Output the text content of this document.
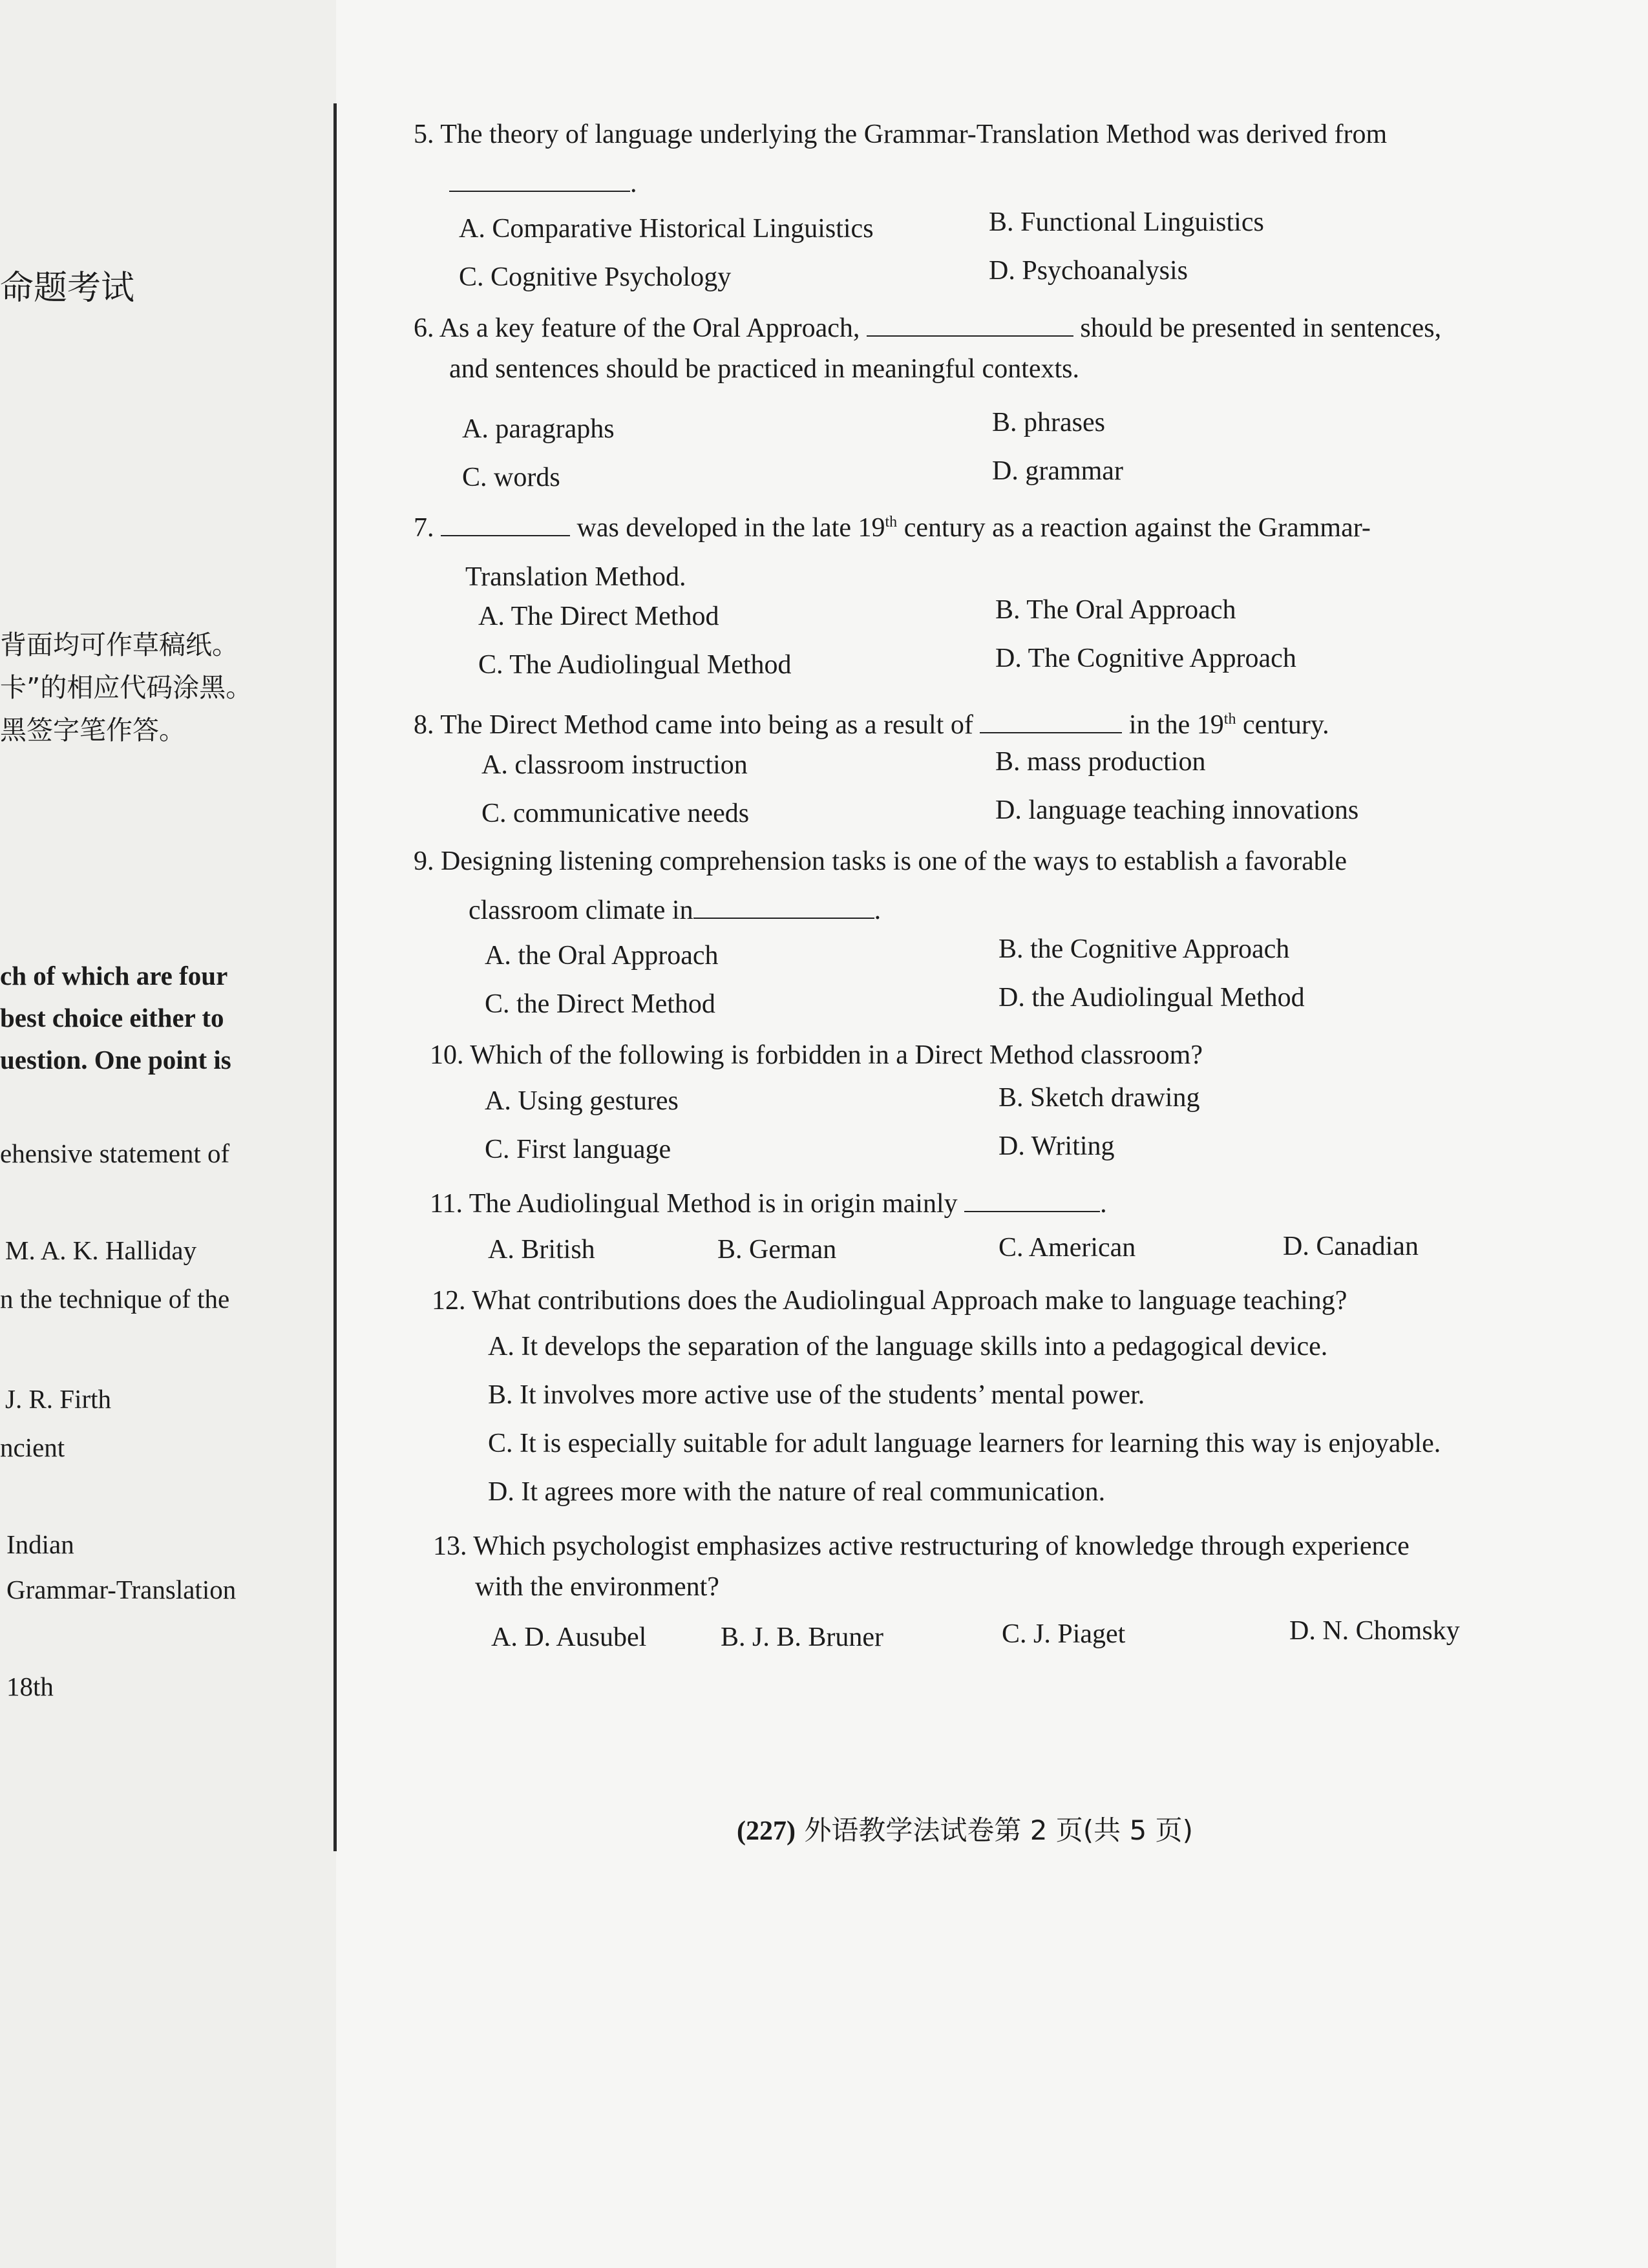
命题考试
背面均可作草稿纸。
卡”的相应代码涂黑。
黑签字笔作答。
ch of which are four
best choice either to
uestion. One point is
ehensive statement of
M. A. K. Halliday
n the technique of the
J. R. Firth
ncient
Indian
Grammar-Translation
18th
5. The theory of language underlying the Grammar-Translation Method was derived from
.
A. Comparative Historical Linguistics	B. Functional Linguistics
C. Cognitive Psychology	D. Psychoanalysis
6. As a key feature of the Oral Approach,	should be presented in sentences,
and sentences should be practiced in meaningful contexts.
A. paragraphs	B. phrases
C. words	D. grammar
7.	was developed in the late 19th century as a reaction against the Grammar-
Translation Method.
A. The Direct Method	B. The Oral Approach
C. The Audiolingual Method	D. The Cognitive Approach
8. The Direct Method came into being as a result of	in the 19th century.
A. classroom instruction	B. mass production
C. communicative needs	D. language teaching innovations
9. Designing listening comprehension tasks is one of the ways to establish a favorable
classroom climate in	.
A. the Oral Approach	B. the Cognitive Approach
C. the Direct Method	D. the Audiolingual Method
10. Which of the following is forbidden in a Direct Method classroom?
A. Using gestures	B. Sketch drawing
C. First language	D. Writing
11. The Audiolingual Method is in origin mainly	.
A. British	B. German	C. American	D. Canadian
12. What contributions does the Audiolingual Approach make to language teaching?
A. It develops the separation of the language skills into a pedagogical device.
B. It involves more active use of the students’ mental power.
C. It is especially suitable for adult language learners for learning this way is enjoyable.
D. It agrees more with the nature of real communication.
13. Which psychologist emphasizes active restructuring of knowledge through experience
with the environment?
A. D. Ausubel	B. J. B. Bruner	C. J. Piaget	D. N. Chomsky
(227) 外语教学法试卷第 2 页(共 5 页)
